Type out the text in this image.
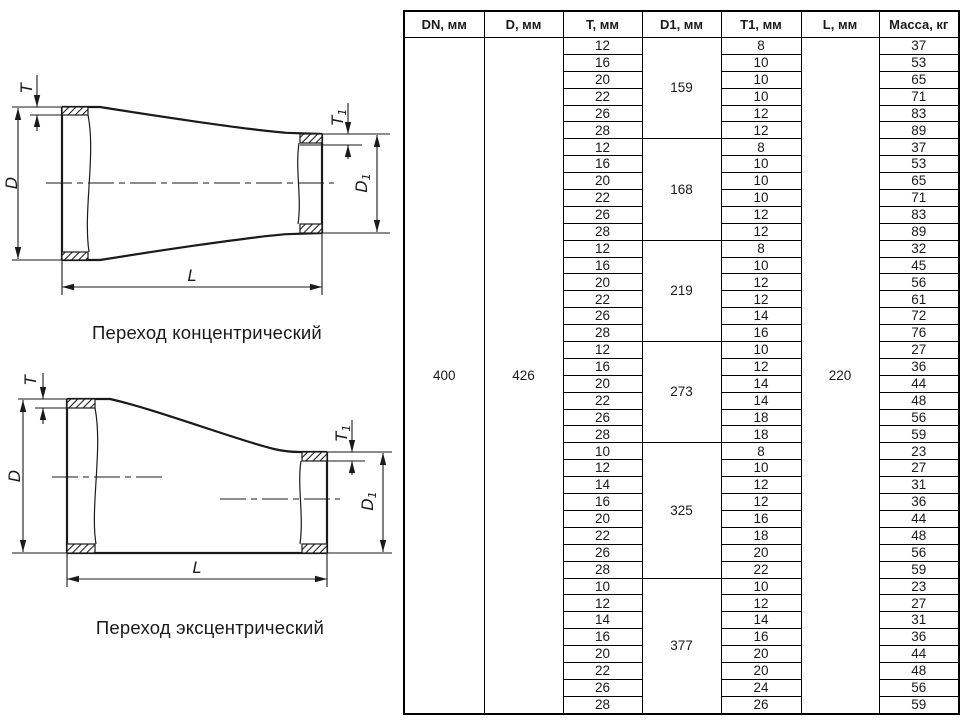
T
D
T1
D1
L
Переход концентрический
T
D
T1
D1
L
Переход эксцентрический
DN, мм	D, мм	T, мм	D1, мм	T1, мм	L, мм	Масса, кг
400	426	12	159	8	220	37
		16		10		53
		20		10		65
		22		10		71
		26		12		83
		28		12		89
		12	168	8		37
		16		10		53
		20		10		65
		22		10		71
		26		12		83
		28		12		89
		12	219	8		32
		16		10		45
		20		12		56
		22		12		61
		26		14		72
		28		16		76
		12	273	10		27
		16		12		36
		20		14		44
		22		14		48
		26		18		56
		28		18		59
		10	325	8		23
		12		10		27
		14		12		31
		16		12		36
		20		16		44
		22		18		48
		26		20		56
		28		22		59
		10	377	10		23
		12		12		27
		14		14		31
		16		16		36
		20		20		44
		22		20		48
		26		24		56
		28		26		59
